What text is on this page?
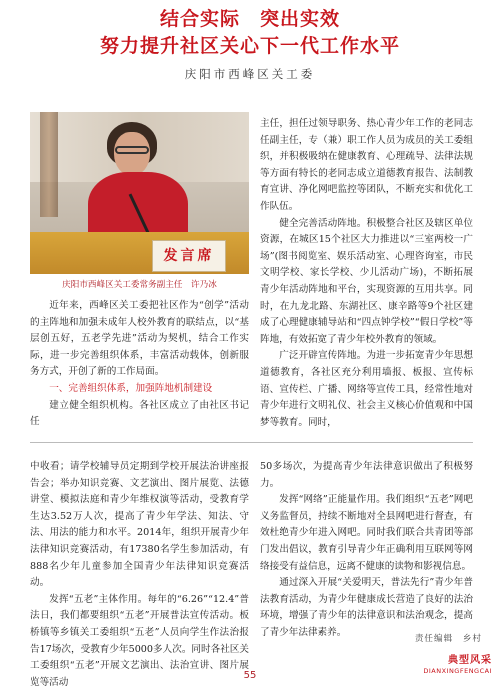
结合实际　突出实效
努力提升社区关心下一代工作水平
庆阳市西峰区关工委
发言席
庆阳市西峰区关工委常务副主任　许乃冰

主任，担任过领导职务、热心青少年工作的老同志任副主任，专（兼）职工作人员为成员的关工委组织，并积极吸纳在健康教育、心理疏导、法律法规等方面有特长的老同志成立道德教育报告、法制教育宣讲、净化网吧监控等团队，不断充实和优化工作队伍。

健全完善活动阵地。积极整合社区及辖区单位资源，在城区15个社区大力推进以“三室两校一广场”(图书阅览室、娱乐活动室、心理咨询室，市民文明学校、家长学校、少儿活动广场)，不断拓展青少年活动阵地和平台，实现资源的互用共享。同时，在九龙北路、东湖社区、康辛路等9个社区建成了心理健康辅导站和“四点钟学校”“假日学校”等阵地，有效拓宽了青少年校外教育的领域。

广泛开辟宣传阵地。为进一步拓宽青少年思想道德教育，各社区充分利用墙报、板报、宣传标语、宣传栏、广播、网络等宣传工具，经常性地对青少年进行文明礼仪、社会主义核心价值观和中国梦等教育。同时，

近年来，西峰区关工委把社区作为“创学”活动的主阵地和加强未成年人校外教育的联结点，以“基层创五好，五老学先进”活动为契机，结合工作实际，进一步完善组织体系，丰富活动载体，创新服务方式，开创了新的工作局面。

一、完善组织体系，加强阵地机制建设

建立健全组织机构。各社区成立了由社区书记任

中收看；请学校辅导员定期到学校开展法治讲座报告会；举办知识竞赛、文艺演出、图片展览、法德讲堂、模拟法庭和青少年维权演等活动，受教育学生达3.52万人次，提高了青少年学法、知法、守法、用法的能力和水平。2014年，组织开展青少年法律知识竞赛活动，有17380名学生参加活动，有888名少年儿童参加全国青少年法律知识竞赛活动。

发挥“五老”主体作用。每年的“6.26”“12.4”普法日，我们都要组织“五老”开展普法宣传活动。板桥镇等乡镇关工委组织“五老”人员向学生作法治报告17场次，受教育少年5000多人次。同时各社区关工委组织“五老”开展文艺演出、法治宣讲、图片展览等活动

50多场次，为提高青少年法律意识做出了积极努力。

发挥“网络”正能量作用。我们组织“五老”网吧义务监督员，持续不断地对全县网吧进行督查，有效杜绝青少年进入网吧。同时我们联合共青团等部门发出倡议，教育引导青少年正确利用互联网等网络接受有益信息，远离不健康的读物和影视信息。

通过深入开展“关爱明天，普法先行”青少年普法教育活动，为青少年健康成长营造了良好的法治环境，增强了青少年的法律意识和法治观念，提高了青少年法律素养。

责任编辑　乡村
典型风采
DIANXINGFENGCAI
55
